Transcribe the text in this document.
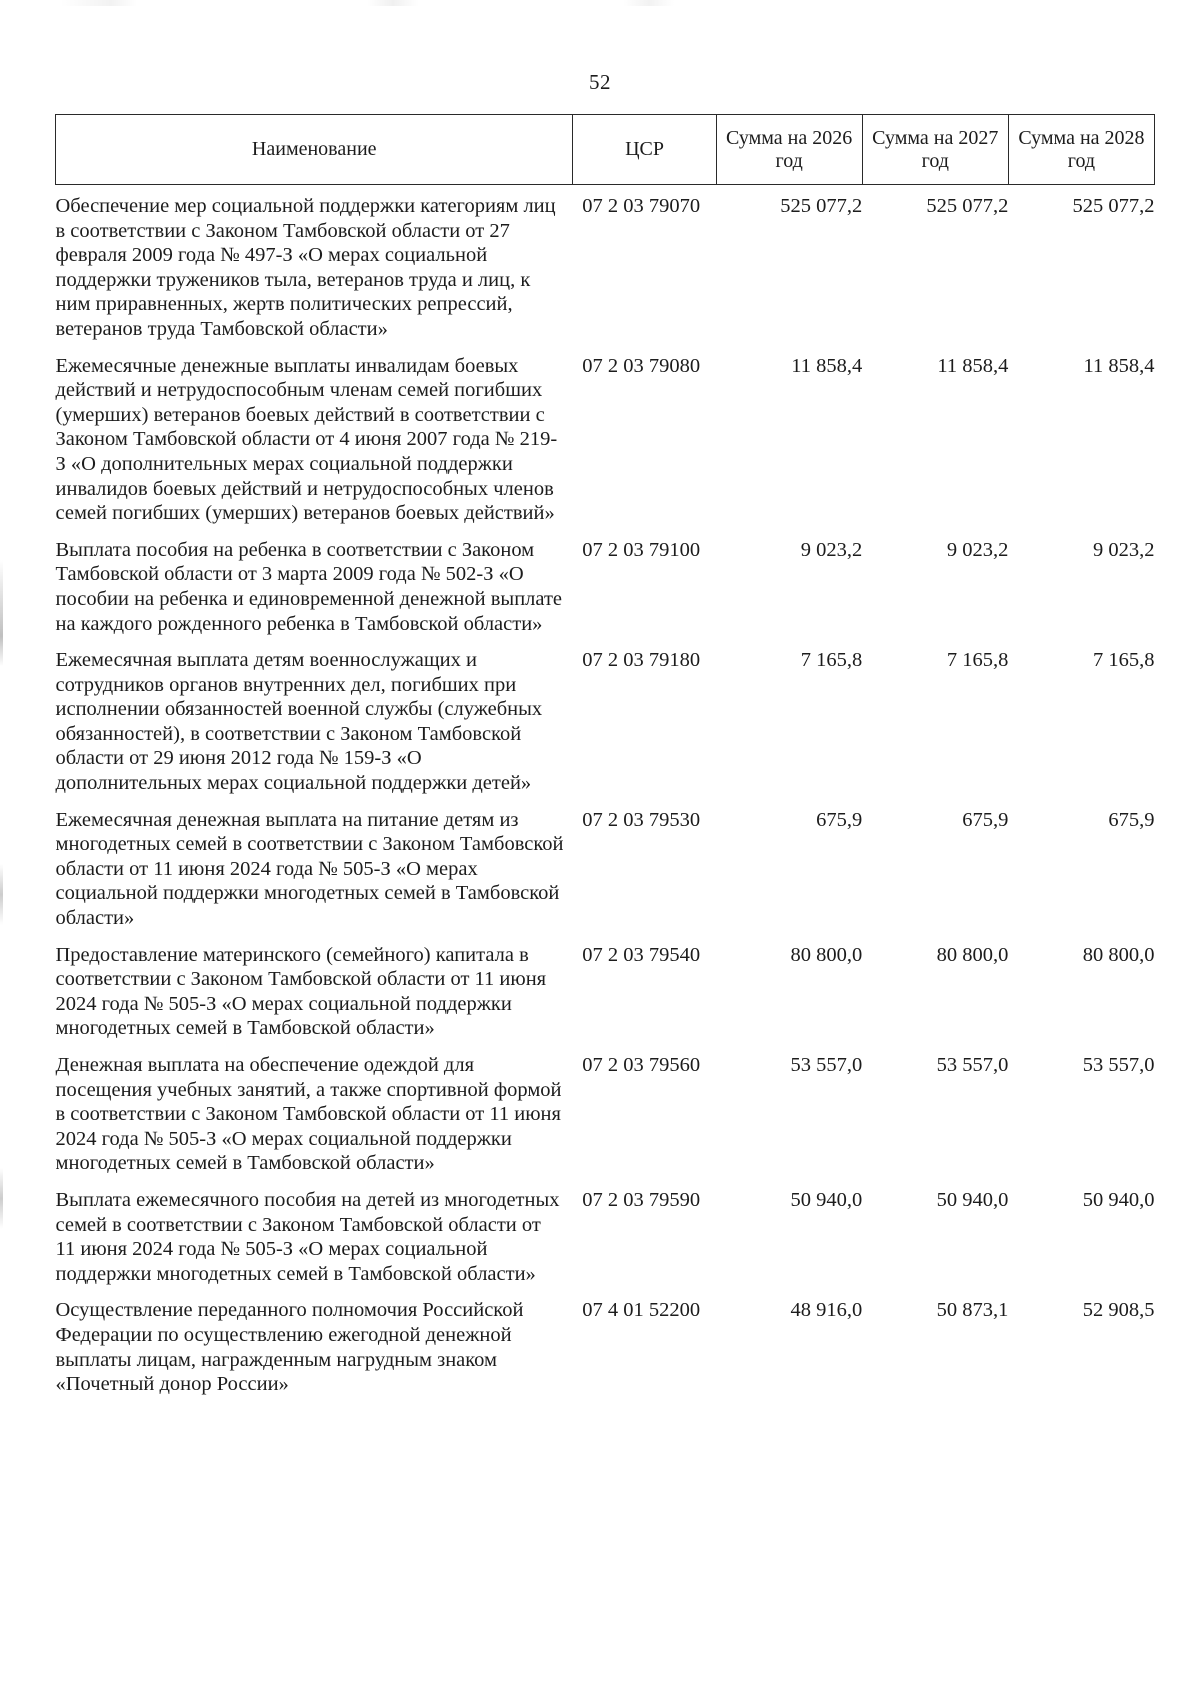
52
Наименование	ЦСР	Сумма на 2026 год	Сумма на 2027 год	Сумма на 2028 год
Обеспечение мер социальной поддержки категориям лиц в соответствии с Законом Тамбовской области от 27 февраля 2009 года № 497-З «О мерах социальной поддержки тружеников тыла, ветеранов труда и лиц, к ним приравненных, жертв политических репрессий, ветеранов труда Тамбовской области»	07 2 03 79070	525 077,2	525 077,2	525 077,2
Ежемесячные денежные выплаты инвалидам боевых действий и нетрудоспособным членам семей погибших (умерших) ветеранов боевых действий в соответствии с Законом Тамбовской области от 4 июня 2007 года № 219-З «О дополнительных мерах социальной поддержки инвалидов боевых действий и нетрудоспособных членов семей погибших (умерших) ветеранов боевых действий»	07 2 03 79080	11 858,4	11 858,4	11 858,4
Выплата пособия на ребенка в соответствии с Законом Тамбовской области от 3 марта 2009 года № 502-З «О пособии на ребенка и единовременной денежной выплате на каждого рожденного ребенка в Тамбовской области»	07 2 03 79100	9 023,2	9 023,2	9 023,2
Ежемесячная выплата детям военнослужащих и сотрудников органов внутренних дел, погибших при исполнении обязанностей военной службы (служебных обязанностей), в соответствии с Законом Тамбовской области от 29 июня 2012 года № 159-З «О дополнительных мерах социальной поддержки детей»	07 2 03 79180	7 165,8	7 165,8	7 165,8
Ежемесячная денежная выплата на питание детям из многодетных семей в соответствии с Законом Тамбовской области от 11 июня 2024 года № 505-З «О мерах социальной поддержки многодетных семей в Тамбовской области»	07 2 03 79530	675,9	675,9	675,9
Предоставление материнского (семейного) капитала в соответствии с Законом Тамбовской области от 11 июня 2024 года № 505-З «О мерах социальной поддержки многодетных семей в Тамбовской области»	07 2 03 79540	80 800,0	80 800,0	80 800,0
Денежная выплата на обеспечение одеждой для посещения учебных занятий, а также спортивной формой в соответствии с Законом Тамбовской области от 11 июня 2024 года № 505-З «О мерах социальной поддержки многодетных семей в Тамбовской области»	07 2 03 79560	53 557,0	53 557,0	53 557,0
Выплата ежемесячного пособия на детей из многодетных семей в соответствии с Законом Тамбовской области от 11 июня 2024 года № 505-З «О мерах социальной поддержки многодетных семей в Тамбовской области»	07 2 03 79590	50 940,0	50 940,0	50 940,0
Осуществление переданного полномочия Российской Федерации по осуществлению ежегодной денежной выплаты лицам, награжденным нагрудным знаком «Почетный донор России»	07 4 01 52200	48 916,0	50 873,1	52 908,5
